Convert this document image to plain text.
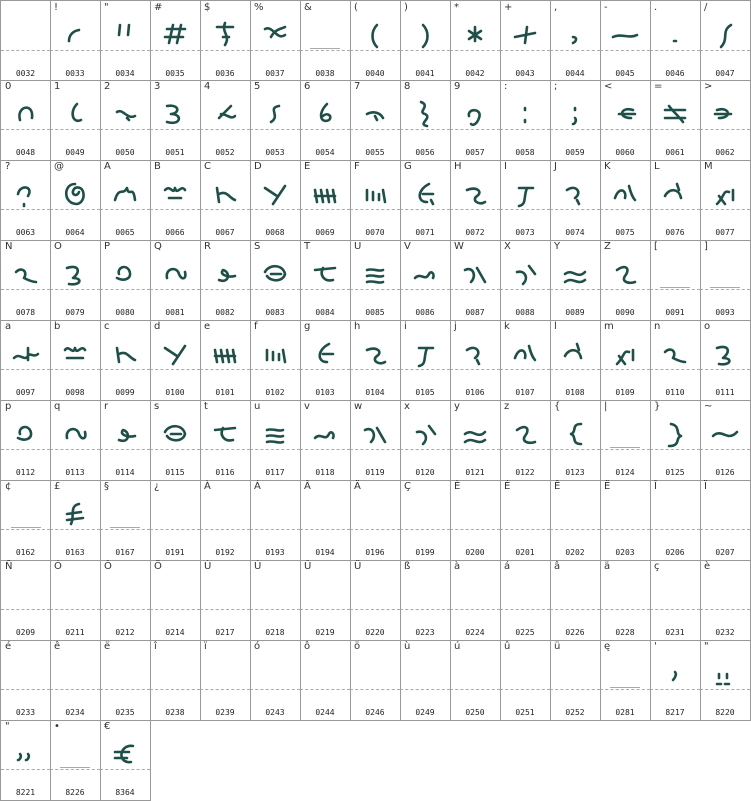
0032
!
0033
"
0034
#
0035
$
0036
%
0037
&
0038
(
0040
)
0041
*
0042
+
0043
,
0044
-
0045
.
0046
/
0047
0
0048
1
0049
2
0050
3
0051
4
0052
5
0053
6
0054
7
0055
8
0056
9
0057
:
0058
;
0059
<
0060
=
0061
>
0062
?
0063
@
0064
A
0065
B
0066
C
0067
D
0068
E
0069
F
0070
G
0071
H
0072
I
0073
J
0074
K
0075
L
0076
M
0077
N
0078
O
0079
P
0080
Q
0081
R
0082
S
0083
T
0084
U
0085
V
0086
W
0087
X
0088
Y
0089
Z
0090
[
0091
]
0093
a
0097
b
0098
c
0099
d
0100
e
0101
f
0102
g
0103
h
0104
i
0105
j
0106
k
0107
l
0108
m
0109
n
0110
o
0111
p
0112
q
0113
r
0114
s
0115
t
0116
u
0117
v
0118
w
0119
x
0120
y
0121
z
0122
{
0123
|
0124
}
0125
~
0126
¢
0162
£
0163
§
0167
¿
0191
À
0192
Á
0193
Â
0194
Ä
0196
Ç
0199
È
0200
É
0201
Ê
0202
Ë
0203
Î
0206
Ï
0207
Ñ
0209
Ó
0211
Ô
0212
Ö
0214
Ù
0217
Ú
0218
Û
0219
Ü
0220
ß
0223
à
0224
á
0225
â
0226
ä
0228
ç
0231
è
0232
é
0233
ê
0234
ë
0235
î
0238
ï
0239
ó
0243
ô
0244
ö
0246
ù
0249
ú
0250
û
0251
ü
0252
ę
0281
'
8217
"
8220
"
8221
•
8226
€
8364
